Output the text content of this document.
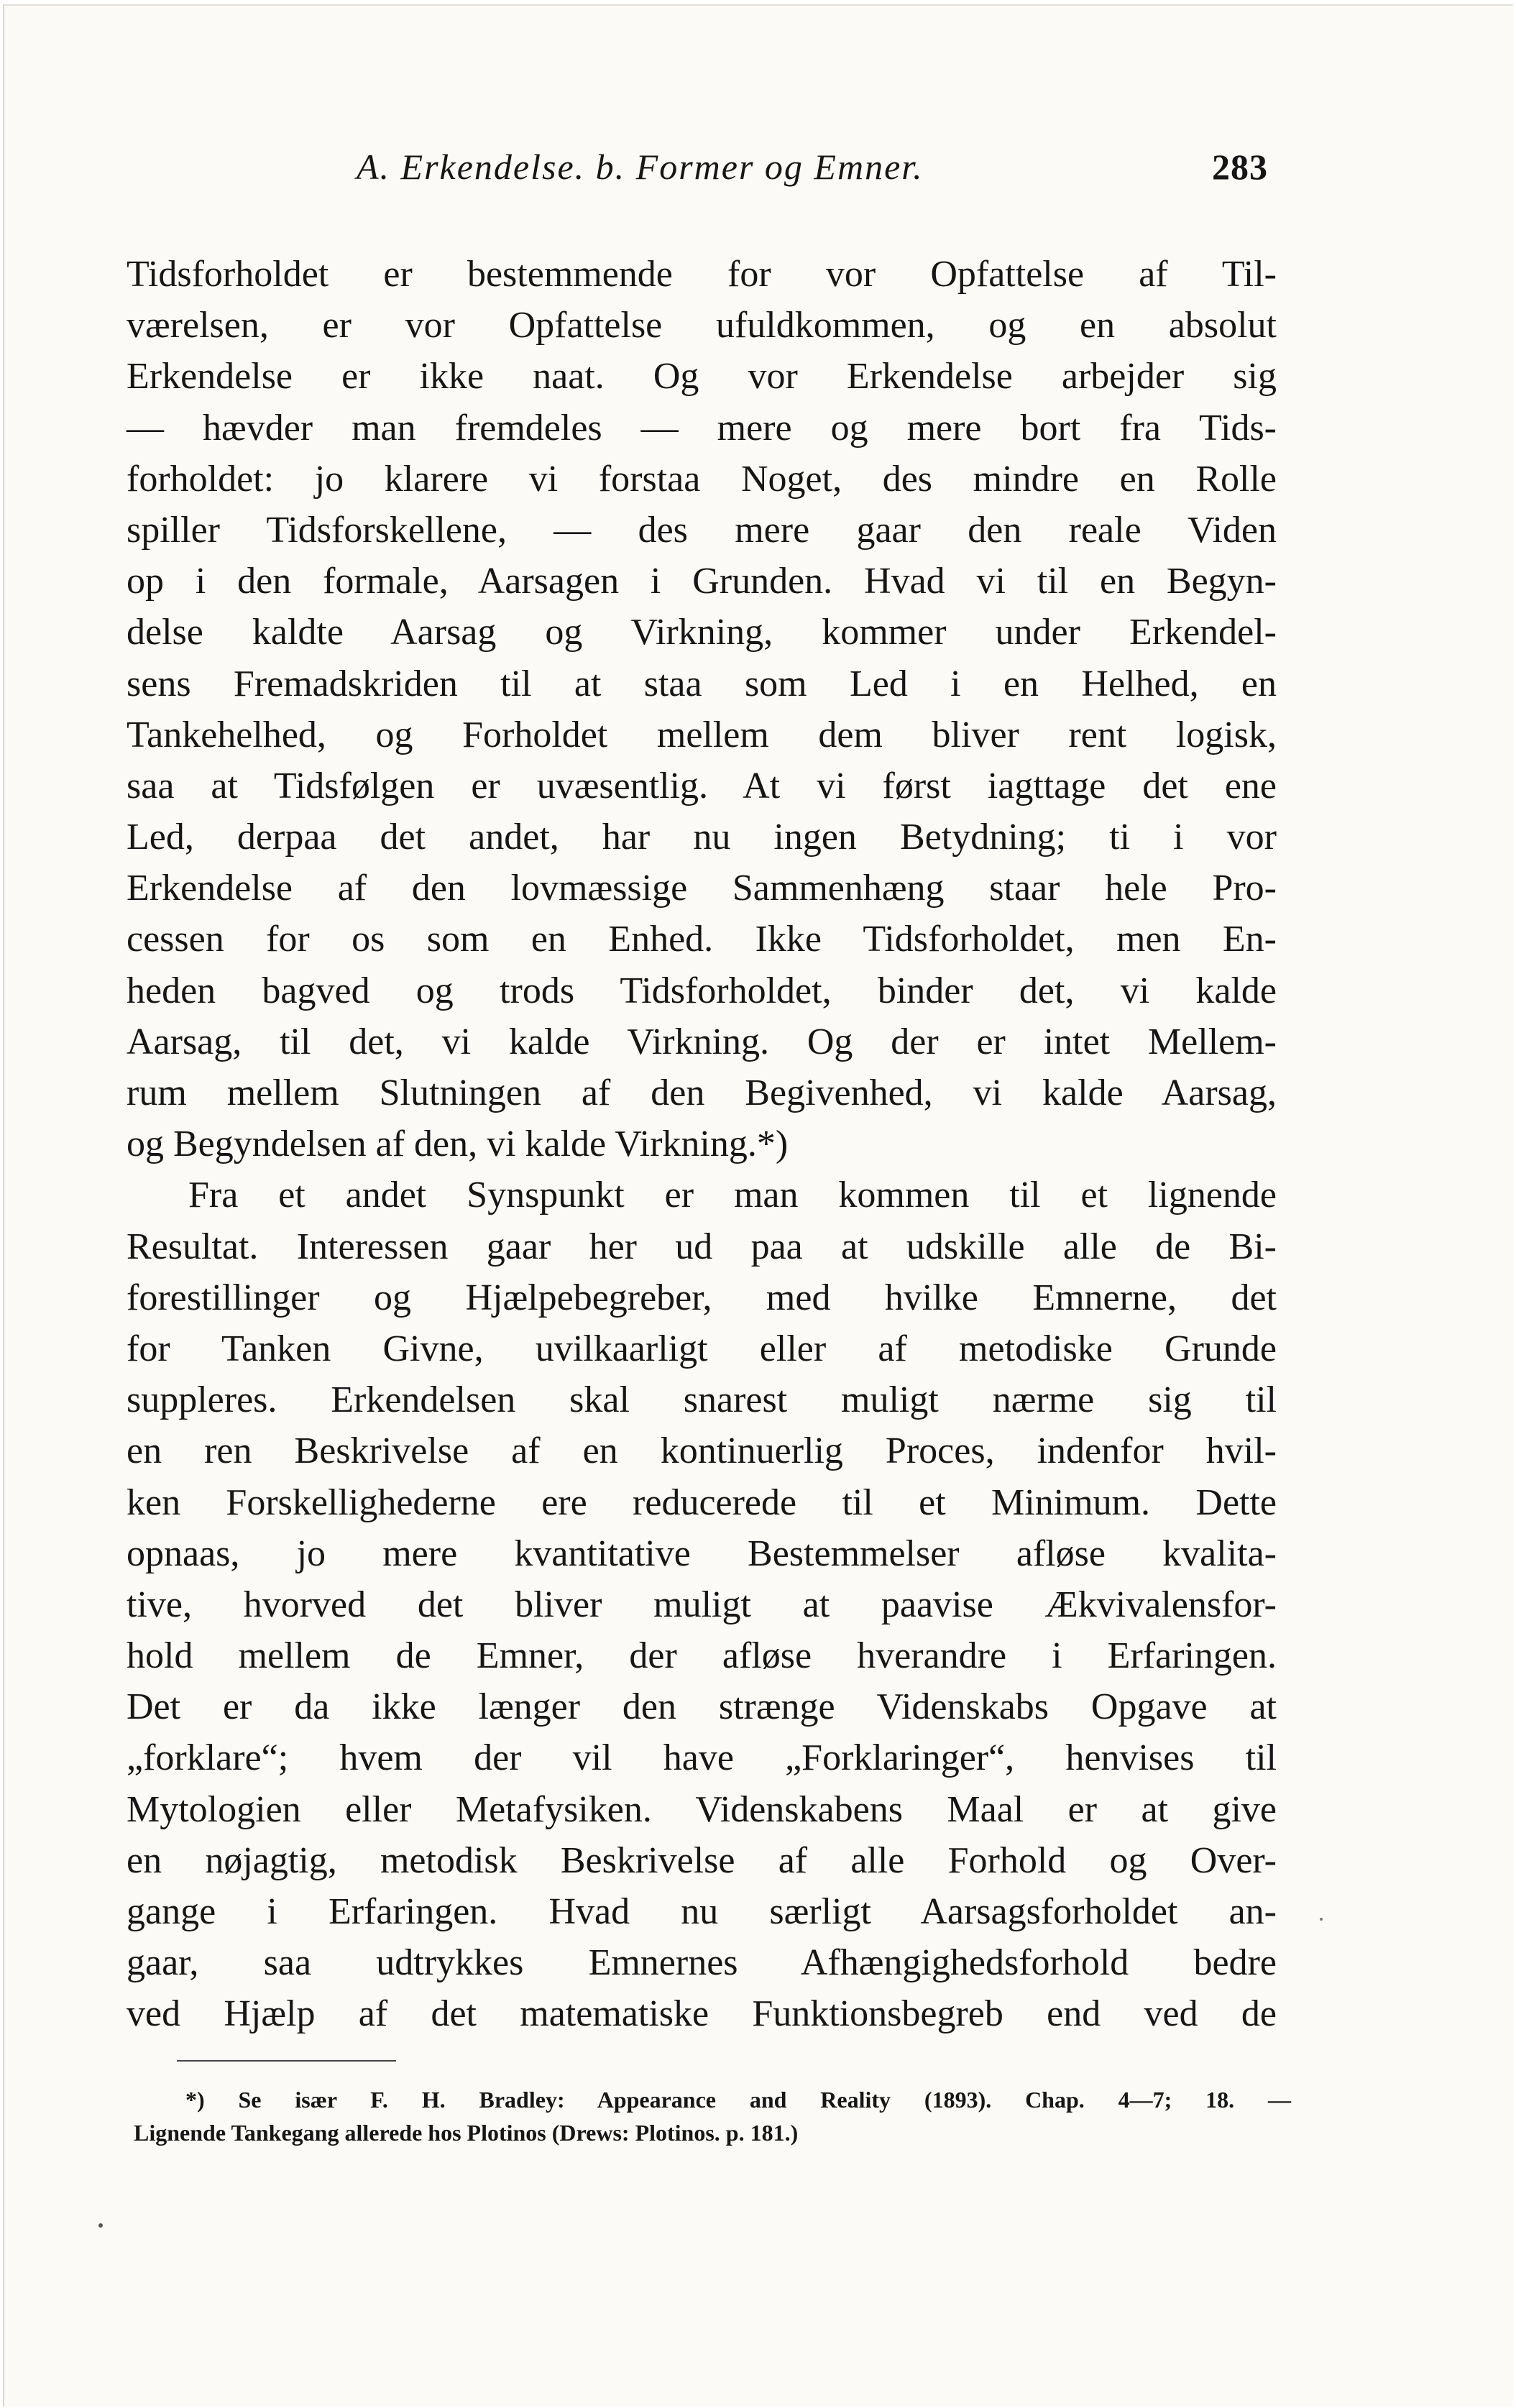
A. Erkendelse. b. Former og Emner.	283
Tidsforholdet er bestemmende for vor Opfattelse af Til-
værelsen, er vor Opfattelse ufuldkommen, og en absolut
Erkendelse er ikke naat. Og vor Erkendelse arbejder sig
— hævder man fremdeles — mere og mere bort fra Tids-
forholdet: jo klarere vi forstaa Noget, des mindre en Rolle
spiller Tidsforskellene, — des mere gaar den reale Viden
op i den formale, Aarsagen i Grunden. Hvad vi til en Begyn-
delse kaldte Aarsag og Virkning, kommer under Erkendel-
sens Fremadskriden til at staa som Led i en Helhed, en
Tankehelhed, og Forholdet mellem dem bliver rent logisk,
saa at Tidsfølgen er uvæsentlig. At vi først iagttage det ene
Led, derpaa det andet, har nu ingen Betydning; ti i vor
Erkendelse af den lovmæssige Sammenhæng staar hele Pro-
cessen for os som en Enhed. Ikke Tidsforholdet, men En-
heden bagved og trods Tidsforholdet, binder det, vi kalde
Aarsag, til det, vi kalde Virkning. Og der er intet Mellem-
rum mellem Slutningen af den Begivenhed, vi kalde Aarsag,
og Begyndelsen af den, vi kalde Virkning.*)
Fra et andet Synspunkt er man kommen til et lignende
Resultat. Interessen gaar her ud paa at udskille alle de Bi-
forestillinger og Hjælpebegreber, med hvilke Emnerne, det
for Tanken Givne, uvilkaarligt eller af metodiske Grunde
suppleres. Erkendelsen skal snarest muligt nærme sig til
en ren Beskrivelse af en kontinuerlig Proces, indenfor hvil-
ken Forskellighederne ere reducerede til et Minimum. Dette
opnaas, jo mere kvantitative Bestemmelser afløse kvalita-
tive, hvorved det bliver muligt at paavise Ækvivalensfor-
hold mellem de Emner, der afløse hverandre i Erfaringen.
Det er da ikke længer den strænge Videnskabs Opgave at
„forklare“; hvem der vil have „Forklaringer“, henvises til
Mytologien eller Metafysiken. Videnskabens Maal er at give
en nøjagtig, metodisk Beskrivelse af alle Forhold og Over-
gange i Erfaringen. Hvad nu særligt Aarsagsforholdet an-
gaar, saa udtrykkes Emnernes Afhængighedsforhold bedre
ved Hjælp af det matematiske Funktionsbegreb end ved de
*) Se især F. H. Bradley: Appearance and Reality (1893). Chap. 4—7; 18. —
Lignende Tankegang allerede hos Plotinos (Drews: Plotinos. p. 181.)
